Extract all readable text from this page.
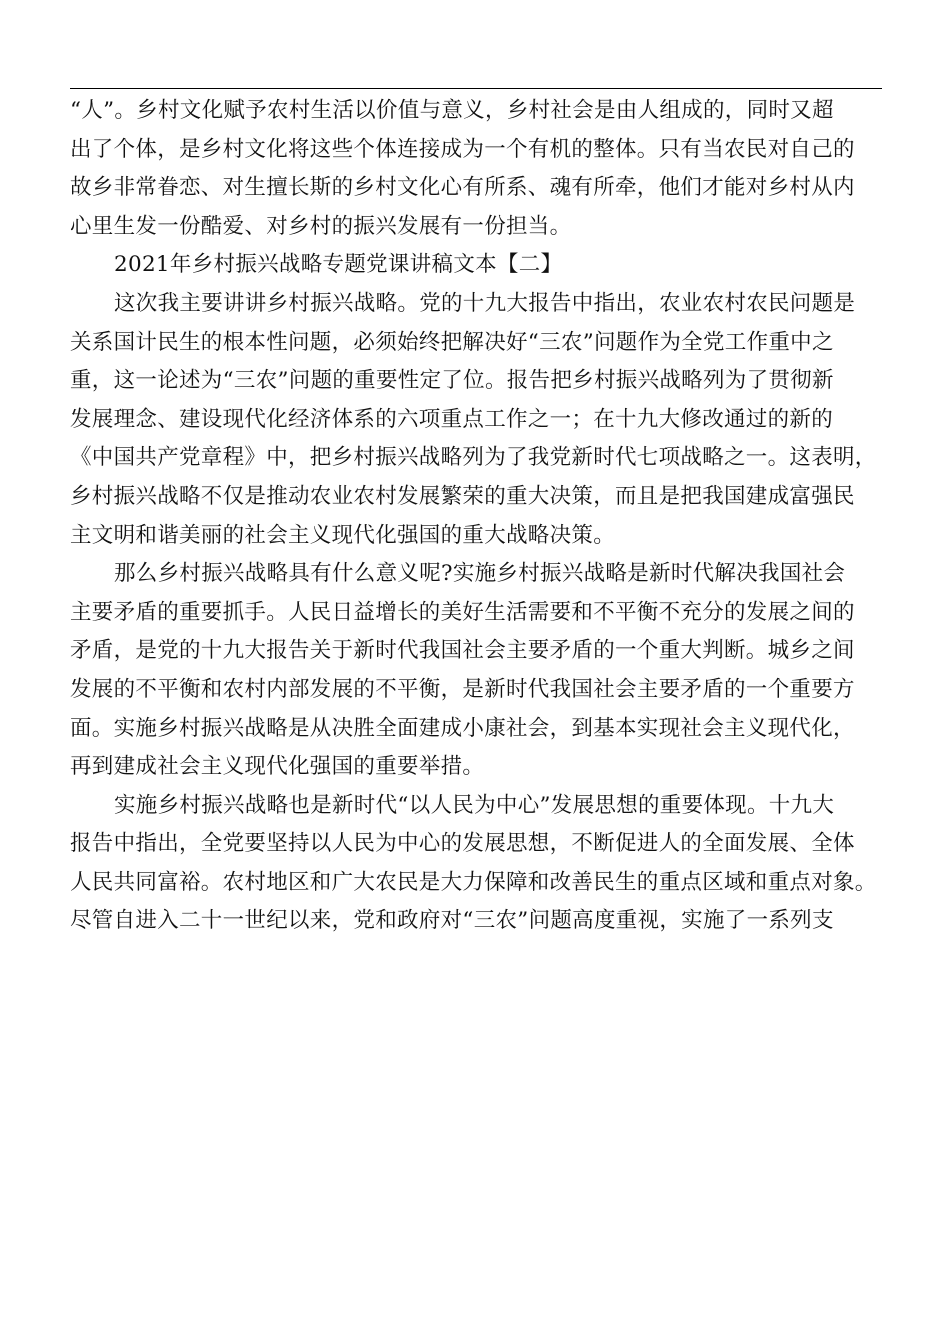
“人”。乡村文化赋予农村生活以价值与意义，乡村社会是由人组成的，同时又超
出了个体，是乡村文化将这些个体连接成为一个有机的整体。只有当农民对自己的
故乡非常眷恋、对生擅长斯的乡村文化心有所系、魂有所牵，他们才能对乡村从内
心里生发一份酷爱、对乡村的振兴发展有一份担当。

2021年乡村振兴战略专题党课讲稿文本【二】

这次我主要讲讲乡村振兴战略。党的十九大报告中指出，农业农村农民问题是
关系国计民生的根本性问题，必须始终把解决好“三农”问题作为全党工作重中之
重，这一论述为“三农”问题的重要性定了位。报告把乡村振兴战略列为了贯彻新
发展理念、建设现代化经济体系的六项重点工作之一；在十九大修改通过的新的
《中国共产党章程》中，把乡村振兴战略列为了我党新时代七项战略之一。这表明，
乡村振兴战略不仅是推动农业农村发展繁荣的重大决策，而且是把我国建成富强民
主文明和谐美丽的社会主义现代化强国的重大战略决策。

那么乡村振兴战略具有什么意义呢?实施乡村振兴战略是新时代解决我国社会
主要矛盾的重要抓手。人民日益增长的美好生活需要和不平衡不充分的发展之间的
矛盾，是党的十九大报告关于新时代我国社会主要矛盾的一个重大判断。城乡之间
发展的不平衡和农村内部发展的不平衡，是新时代我国社会主要矛盾的一个重要方
面。实施乡村振兴战略是从决胜全面建成小康社会，到基本实现社会主义现代化，
再到建成社会主义现代化强国的重要举措。

实施乡村振兴战略也是新时代“以人民为中心”发展思想的重要体现。十九大
报告中指出，全党要坚持以人民为中心的发展思想，不断促进人的全面发展、全体
人民共同富裕。农村地区和广大农民是大力保障和改善民生的重点区域和重点对象。
尽管自进入二十一世纪以来，党和政府对“三农”问题高度重视，实施了一系列支
